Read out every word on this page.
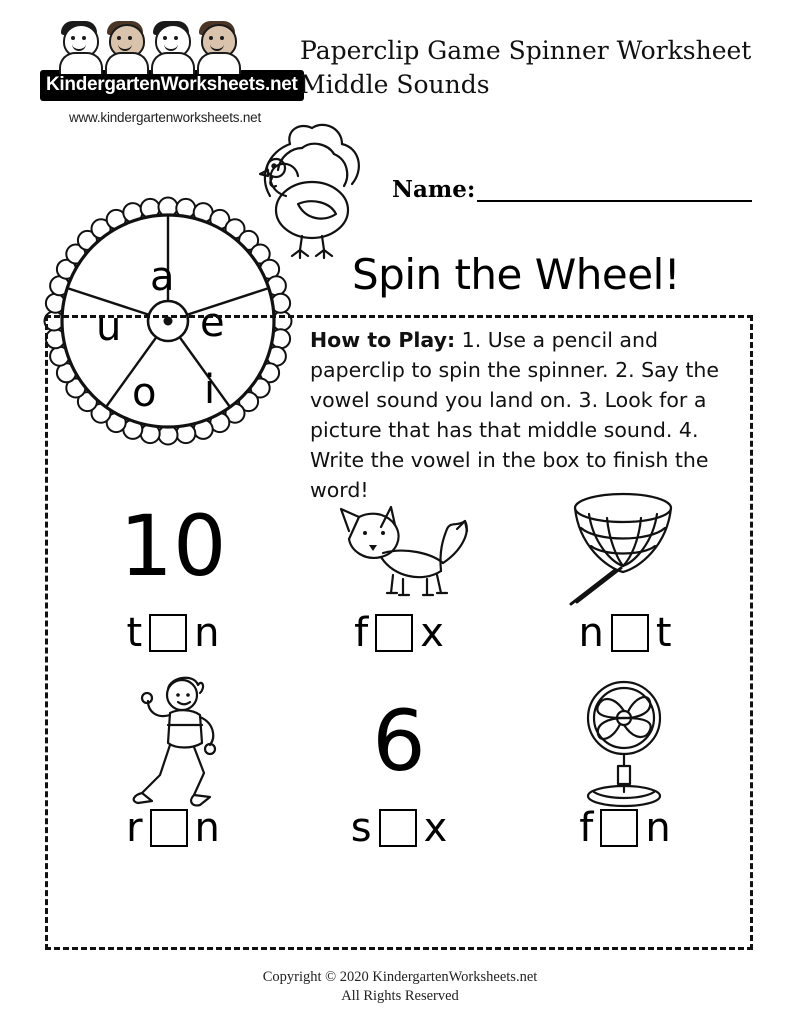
KindergartenWorksheets.net
www.kindergartenworksheets.net
Paperclip Game Spinner Worksheet
Middle Sounds
Name:
u
a
e
i
o
Spin the Wheel!
How to Play: 1. Use a pencil and paperclip to spin the spinner. 2. Say the vowel sound you land on. 3. Look for a picture that has that middle sound. 4. Write the vowel in the box to finish the word!
10
t n	f x	n t
r n
6
s x	f n
Copyright © 2020 KindergartenWorksheets.net
All Rights Reserved
